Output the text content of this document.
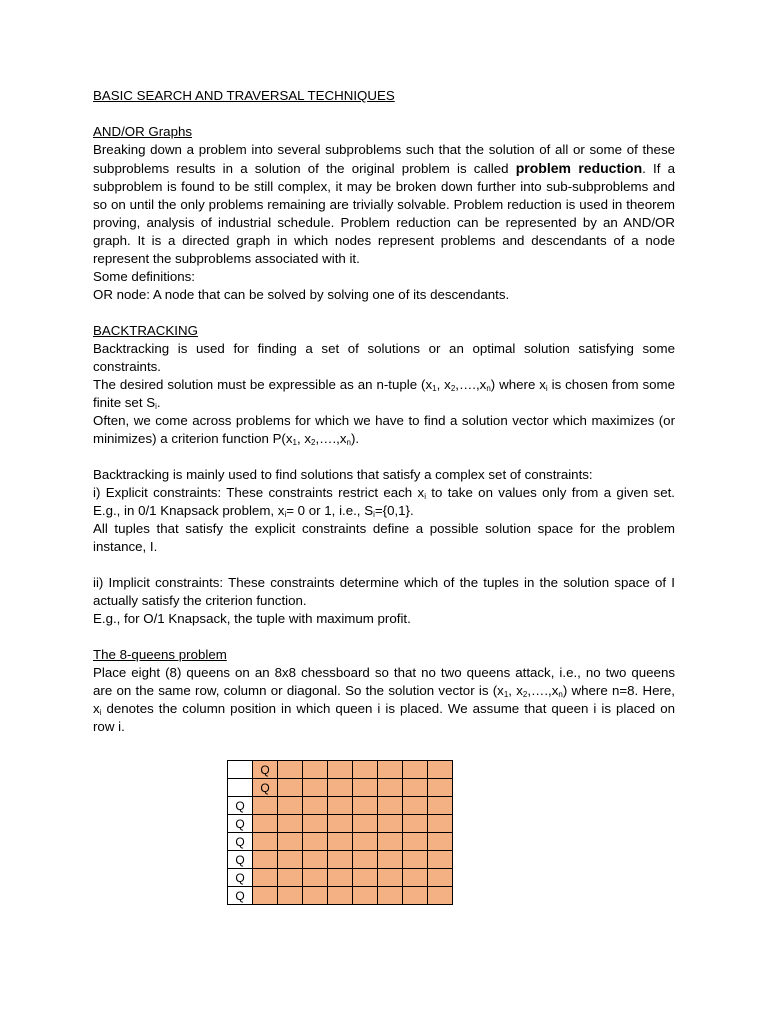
BASIC SEARCH AND TRAVERSAL TECHNIQUES
AND/OR Graphs

Breaking down a problem into several subproblems such that the solution of all or some of these subproblems results in a solution of the original problem is called problem reduction. If a subproblem is found to be still complex, it may be broken down further into sub-subproblems and so on until the only problems remaining are trivially solvable. Problem reduction is used in theorem proving, analysis of industrial schedule. Problem reduction can be represented by an AND/OR graph. It is a directed graph in which nodes represent problems and descendants of a node represent the subproblems associated with it.

Some definitions:
OR node: A node that can be solved by solving one of its descendants.
BACKTRACKING

Backtracking is used for finding a set of solutions or an optimal solution satisfying some constraints.

The desired solution must be expressible as an n-tuple ($x_1$, $x_2,\dots.,x_n$) where $x_i$ is chosen from some finite set $S_i$.

Often, we come across problems for which we have to find a solution vector which maximizes (or minimizes) a criterion function $P(x_1$, $x_2,\dots.,x_n$).

Backtracking is mainly used to find solutions that satisfy a complex set of constraints:

i) Explicit constraints: These constraints restrict each $x_i$ to take on values only from a given set. E.g., in 0/1 Knapsack problem, $x_i= 0$ or 1, i.e., $S_i=\{0,1\}$.

All tuples that satisfy the explicit constraints define a possible solution space for the problem instance, I.

ii) Implicit constraints: These constraints determine which of the tuples in the solution space of I actually satisfy the criterion function.

E.g., for O/1 Knapsack, the tuple with maximum profit.

The 8-queens problem

Place eight (8) queens on an 8x8 chessboard so that no two queens attack, i.e., no two queens are on the same row, column or diagonal. So the solution vector is ($x_1$, $x_2,\dots.,x_n$) where n=8. Here, $x_i$ denotes the column position in which queen i is placed. We assume that queen i is placed on row i.

	Q							
	Q							
Q								
Q								
Q								
Q								
Q								
Q								
